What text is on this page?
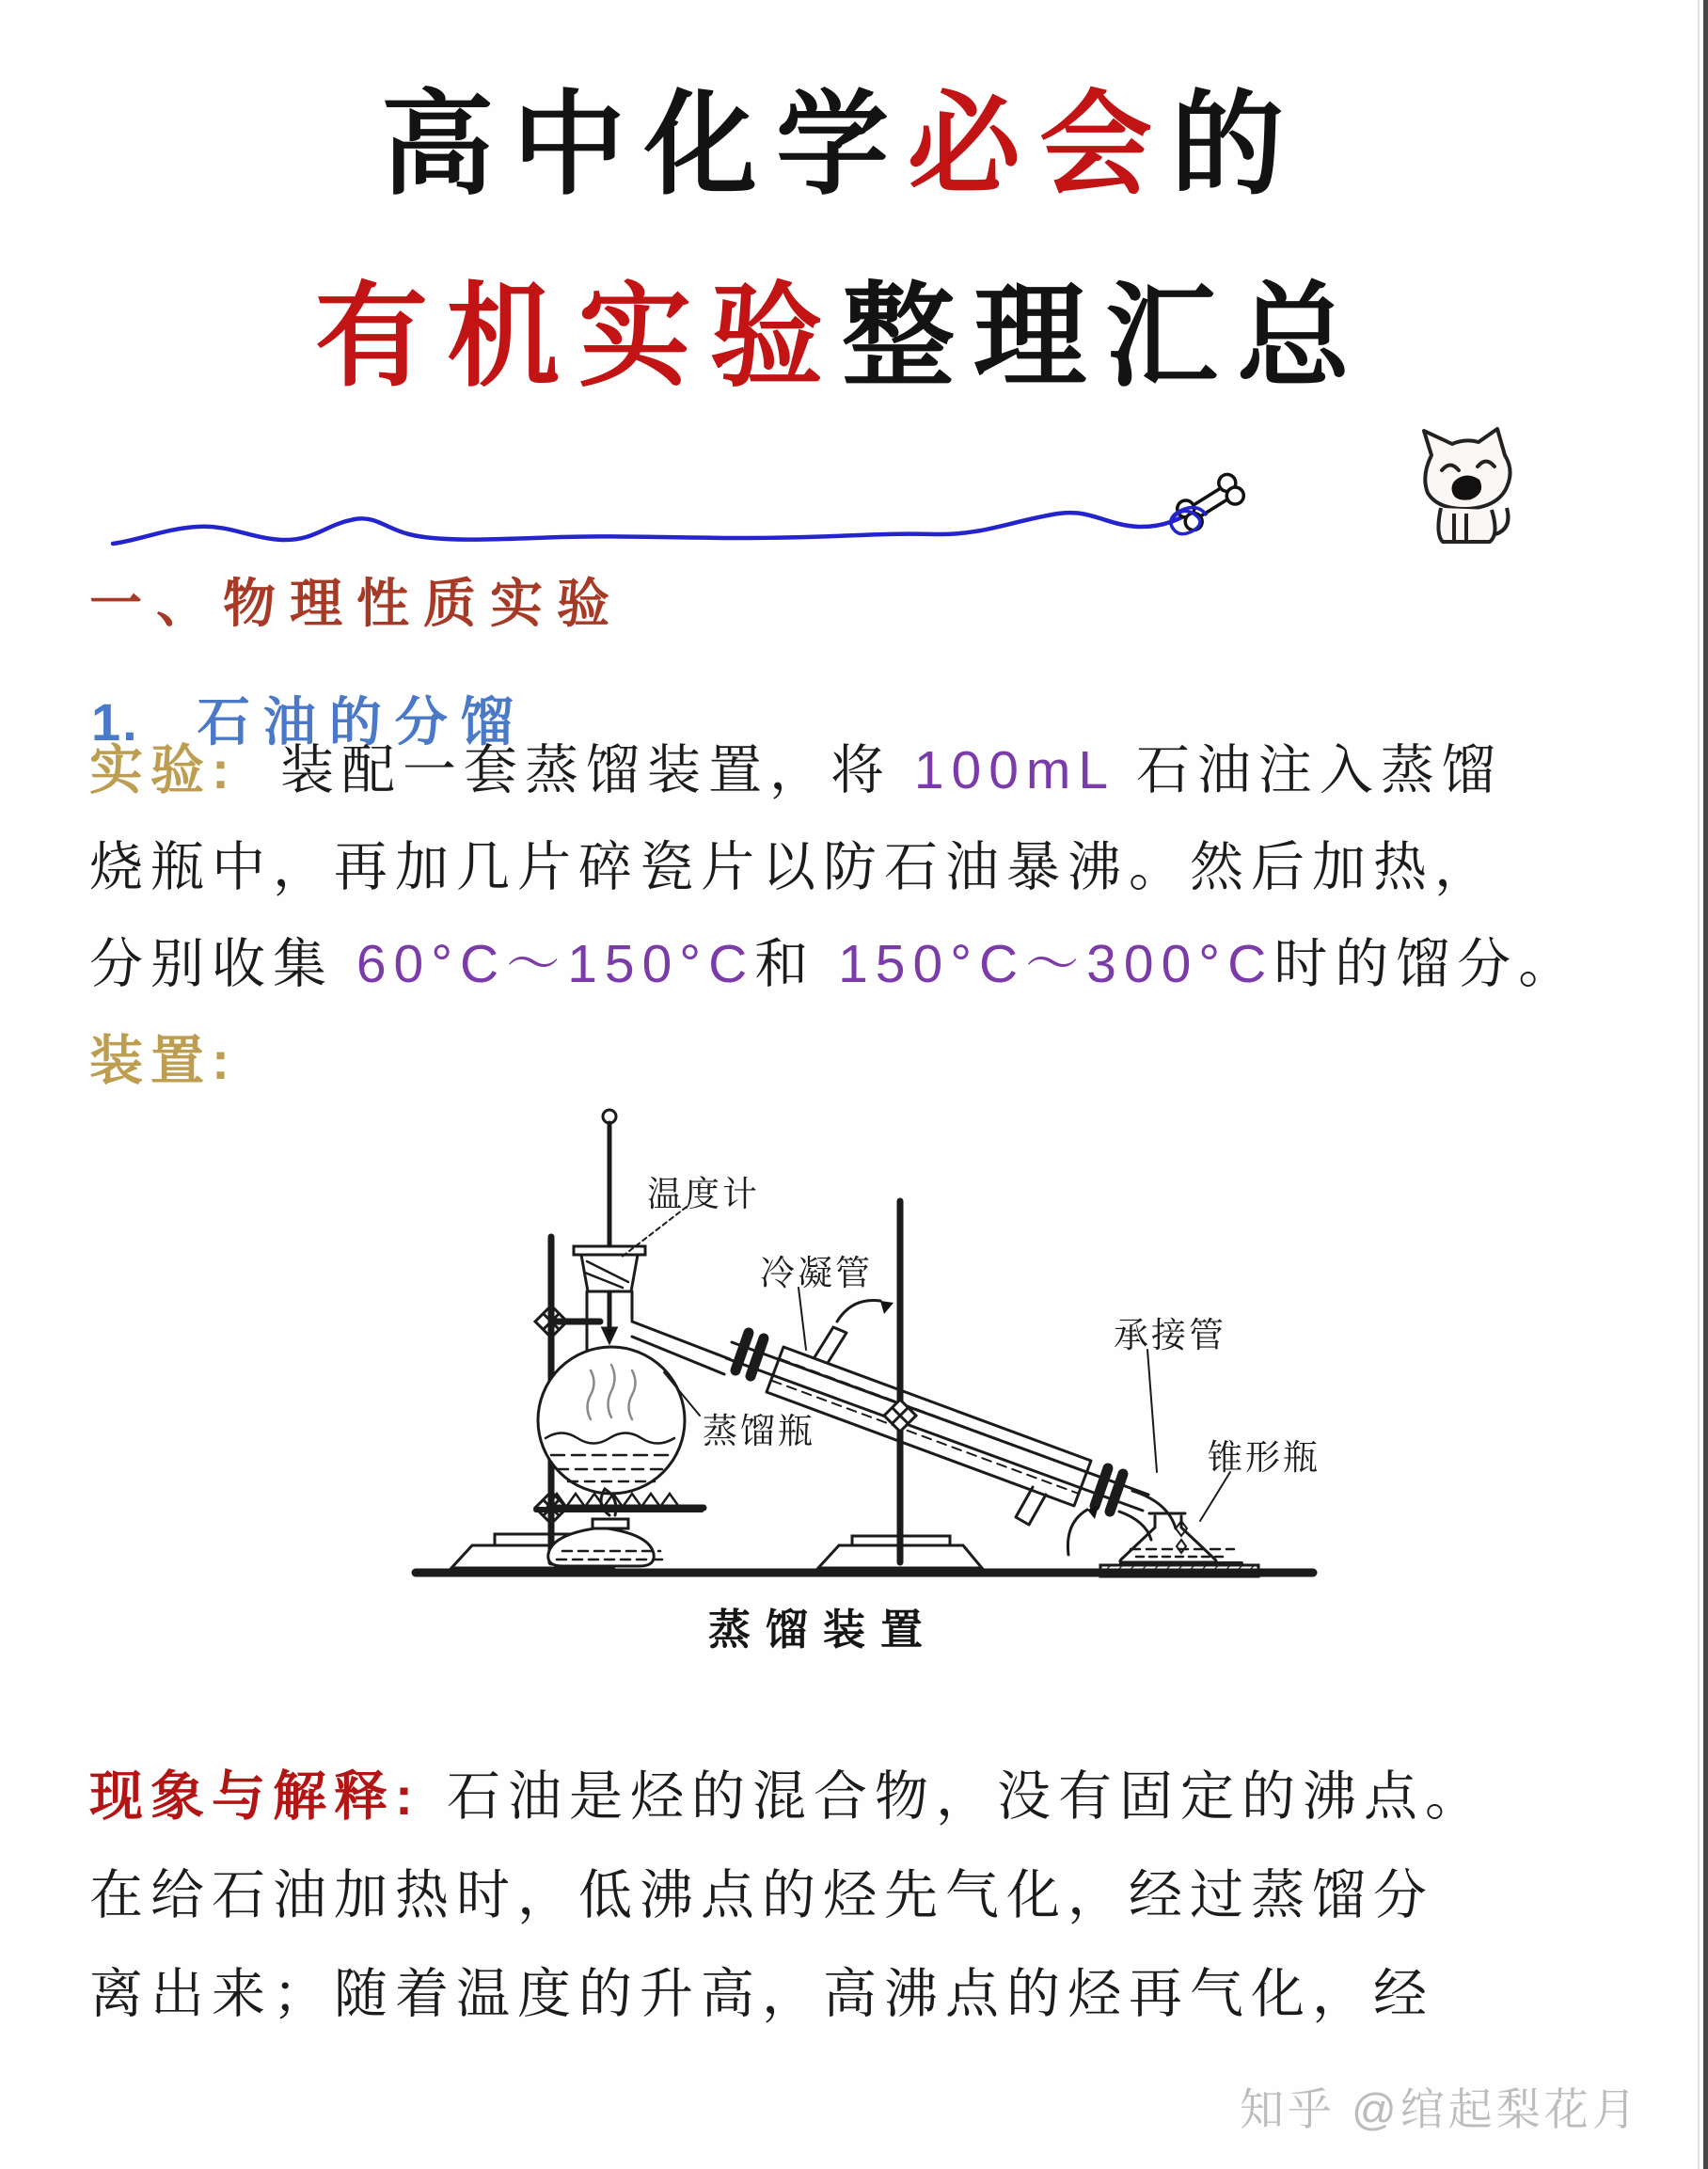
高中化学必会的
有机实验整理汇总
一、物理性质实验
1. 石油的分馏
实验: 装配一套蒸馏装置，将 100mL 石油注入蒸馏
烧瓶中，再加几片碎瓷片以防石油暴沸。然后加热，
分别收集 60°C～150°C和 150°C～300°C时的馏分。
装置:
温度计
冷凝管
承接管
蒸馏瓶
锥形瓶
蒸馏装置
现象与解释: 石油是烃的混合物，没有固定的沸点。
在给石油加热时，低沸点的烃先气化，经过蒸馏分
离出来；随着温度的升高，高沸点的烃再气化，经
知乎 @绾起梨花月
